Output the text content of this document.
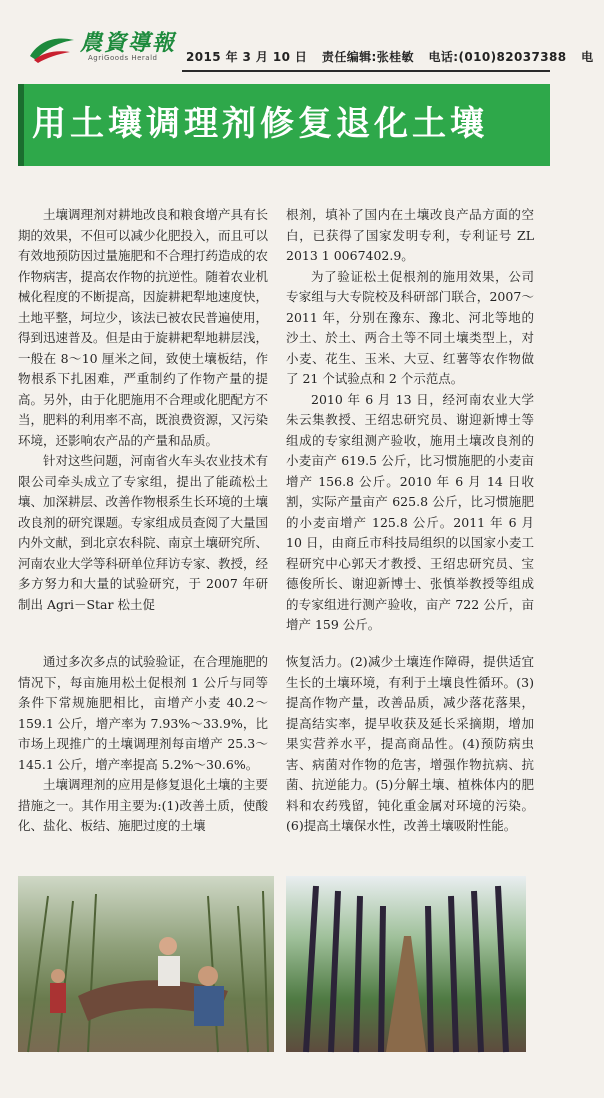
農資導報
AgriGoods Herald 2015 年 3 月 10 日 责任编辑:张桂敏 电话:(010)82037388 电
用土壤调理剂修复退化土壤

土壤调理剂对耕地改良和粮食增产具有长期的效果，不但可以减少化肥投入，而且可以有效地预防因过量施肥和不合理打药造成的农作物病害，提高农作物的抗逆性。随着农业机械化程度的不断提高，因旋耕耙犁地速度快，土地平整，坷垃少，该法已被农民普遍使用，得到迅速普及。但是由于旋耕耙犁地耕层浅，一般在 8～10 厘米之间，致使土壤板结，作物根系下扎困难，严重制约了作物产量的提高。另外，由于化肥施用不合理或化肥配方不当，肥料的利用率不高，既浪费资源，又污染环境，还影响农产品的产量和品质。

针对这些问题，河南省火车头农业技术有限公司牵头成立了专家组，提出了能疏松土壤、加深耕层、改善作物根系生长环境的土壤改良剂的研究课题。专家组成员查阅了大量国内外文献，到北京农科院、南京土壤研究所、河南农业大学等科研单位拜访专家、教授，经多方努力和大量的试验研究，于 2007 年研制出 Agri－Star 松土促

根剂，填补了国内在土壤改良产品方面的空白，已获得了国家发明专利，专利证号 ZL 2013 1 0067402.9。

为了验证松土促根剂的施用效果，公司专家组与大专院校及科研部门联合，2007～2011 年，分别在豫东、豫北、河北等地的沙土、於土、两合土等不同土壤类型上，对小麦、花生、玉米、大豆、红薯等农作物做了 21 个试验点和 2 个示范点。

2010 年 6 月 13 日，经河南农业大学朱云集教授、王绍忠研究员、谢迎新博士等组成的专家组测产验收，施用土壤改良剂的小麦亩产 619.5 公斤，比习惯施肥的小麦亩增产 156.8 公斤。2010 年 6 月 14 日收割，实际产量亩产 625.8 公斤，比习惯施肥的小麦亩增产 125.8 公斤。2011 年 6 月 10 日，由商丘市科技局组织的以国家小麦工程研究中心郭天才教授、王绍忠研究员、宝德俊所长、谢迎新博士、张慎举教授等组成的专家组进行测产验收，亩产 722 公斤，亩增产 159 公斤。

通过多次多点的试验验证，在合理施肥的情况下，每亩施用松土促根剂 1 公斤与同等条件下常规施肥相比，亩增产小麦 40.2～159.1 公斤，增产率为 7.93%～33.9%，比市场上现推广的土壤调理剂每亩增产 25.3～145.1 公斤，增产率提高 5.2%～30.6%。

土壤调理剂的应用是修复退化土壤的主要措施之一。其作用主要为:(1)改善土质，使酸化、盐化、板结、施肥过度的土壤

恢复活力。(2)减少土壤连作障碍，提供适宜生长的土壤环境，有利于土壤良性循环。(3)提高作物产量，改善品质，减少落花落果，提高结实率，提早收获及延长采摘期，增加果实营养水平，提高商品性。(4)预防病虫害、病菌对作物的危害，增强作物抗病、抗菌、抗逆能力。(5)分解土壤、植株体内的肥料和农药残留，钝化重金属对环境的污染。(6)提高土壤保水性，改善土壤吸附性能。
